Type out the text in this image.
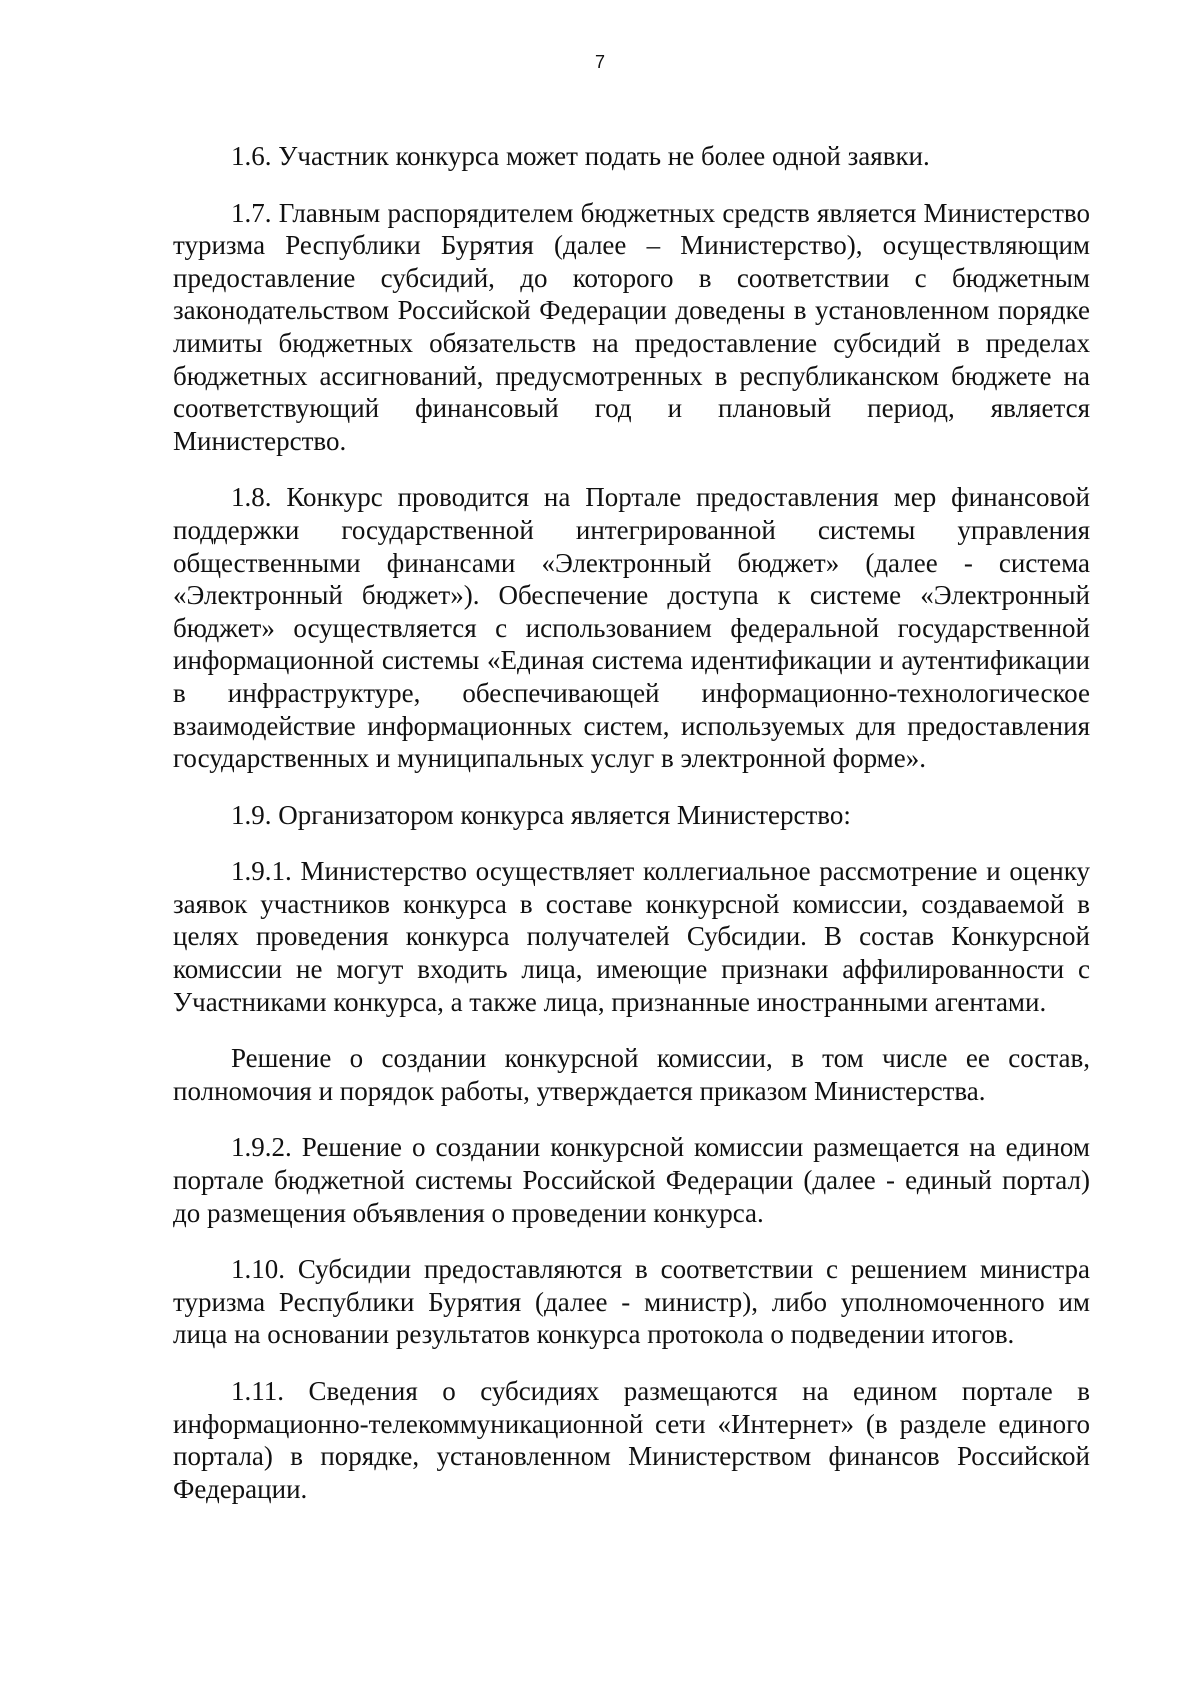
7

1.6. Участник конкурса может подать не более одной заявки.

1.7. Главным распорядителем бюджетных средств является Министерство туризма Республики Бурятия (далее – Министерство), осуществляющим предоставление субсидий, до которого в соответствии с бюджетным законодательством Российской Федерации доведены в установленном порядке лимиты бюджетных обязательств на предоставление субсидий в пределах бюджетных ассигнований, предусмотренных в республиканском бюджете на соответствующий финансовый год и плановый период, является Министерство.

1.8. Конкурс проводится на Портале предоставления мер финансовой поддержки государственной интегрированной системы управления общественными финансами «Электронный бюджет» (далее - система «Электронный бюджет»). Обеспечение доступа к системе «Электронный бюджет» осуществляется с использованием федеральной государственной информационной системы «Единая система идентификации и аутентификации в инфраструктуре, обеспечивающей информационно-технологическое взаимодействие информационных систем, используемых для предоставления государственных и муниципальных услуг в электронной форме».

1.9. Организатором конкурса является Министерство:

1.9.1. Министерство осуществляет коллегиальное рассмотрение и оценку заявок участников конкурса в составе конкурсной комиссии, создаваемой в целях проведения конкурса получателей Субсидии. В состав Конкурсной комиссии не могут входить лица, имеющие признаки аффилированности с Участниками конкурса, а также лица, признанные иностранными агентами.

Решение о создании конкурсной комиссии, в том числе ее состав, полномочия и порядок работы, утверждается приказом Министерства.

1.9.2. Решение о создании конкурсной комиссии размещается на едином портале бюджетной системы Российской Федерации (далее - единый портал) до размещения объявления о проведении конкурса.

1.10. Субсидии предоставляются в соответствии с решением министра туризма Республики Бурятия (далее - министр), либо уполномоченного им лица на основании результатов конкурса протокола о подведении итогов.

1.11. Сведения о субсидиях размещаются на едином портале в информационно-телекоммуникационной сети «Интернет» (в разделе единого портала) в порядке, установленном Министерством финансов Российской Федерации.
